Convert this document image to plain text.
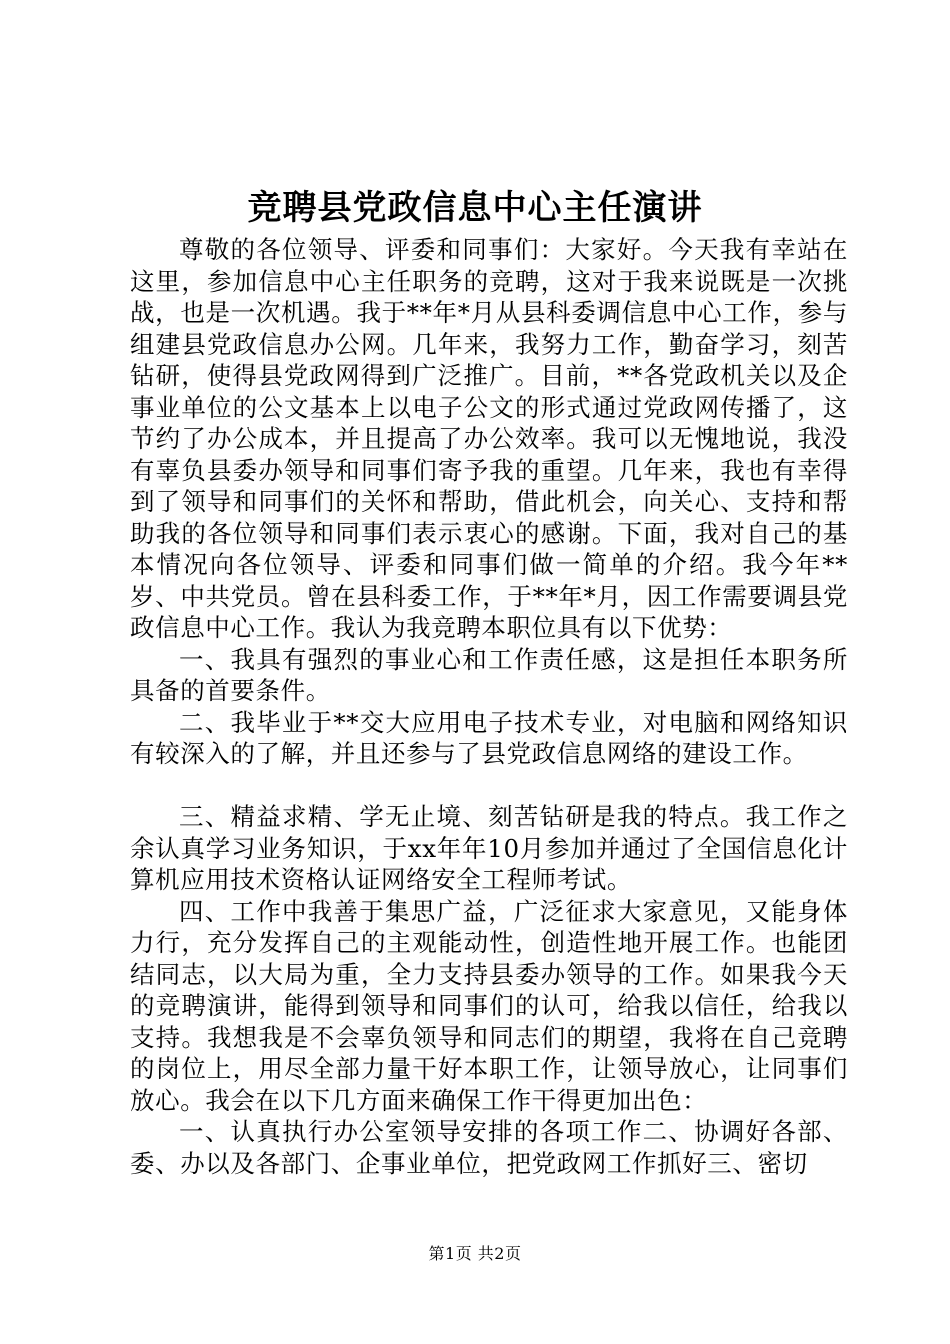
竞聘县党政信息中心主任演讲

尊敬的各位领导、评委和同事们：大家好。今天我有幸站在这里，参加信息中心主任职务的竞聘，这对于我来说既是一次挑战，也是一次机遇。我于**年*月从县科委调信息中心工作，参与组建县党政信息办公网。几年来，我努力工作，勤奋学习，刻苦钻研，使得县党政网得到广泛推广。目前，**各党政机关以及企事业单位的公文基本上以电子公文的形式通过党政网传播了，这节约了办公成本，并且提高了办公效率。我可以无愧地说，我没有辜负县委办领导和同事们寄予我的重望。几年来，我也有幸得到了领导和同事们的关怀和帮助，借此机会，向关心、支持和帮助我的各位领导和同事们表示衷心的感谢。下面，我对自己的基本情况向各位领导、评委和同事们做一简单的介绍。我今年**岁、中共党员。曾在县科委工作，于**年*月，因工作需要调县党政信息中心工作。我认为我竞聘本职位具有以下优势：

一、我具有强烈的事业心和工作责任感，这是担任本职务所具备的首要条件。

二、我毕业于**交大应用电子技术专业，对电脑和网络知识有较深入的了解，并且还参与了县党政信息网络的建设工作。

三、精益求精、学无止境、刻苦钻研是我的特点。我工作之余认真学习业务知识，于xx年年10月参加并通过了全国信息化计算机应用技术资格认证网络安全工程师考试。

四、工作中我善于集思广益，广泛征求大家意见，又能身体力行，充分发挥自己的主观能动性，创造性地开展工作。也能团结同志，以大局为重，全力支持县委办领导的工作。如果我今天的竞聘演讲，能得到领导和同事们的认可，给我以信任，给我以支持。我想我是不会辜负领导和同志们的期望，我将在自己竞聘的岗位上，用尽全部力量干好本职工作，让领导放心，让同事们放心。我会在以下几方面来确保工作干得更加出色：

一、认真执行办公室领导安排的各项工作二、协调好各部、委、办以及各部门、企事业单位，把党政网工作抓好三、密切

第1页 共2页
